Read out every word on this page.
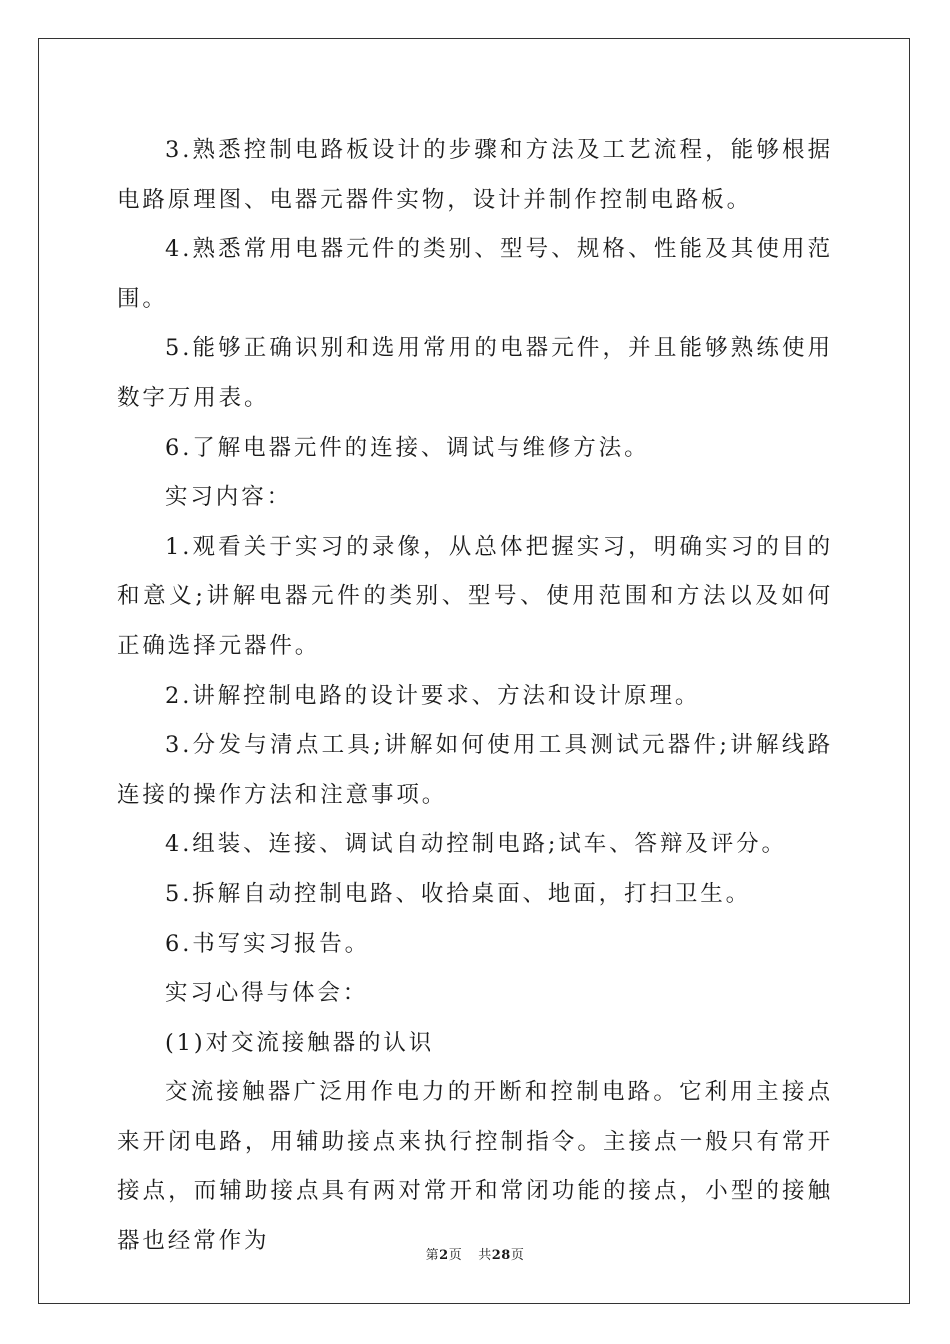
3.熟悉控制电路板设计的步骤和方法及工艺流程，能够根据电路原理图、电器元器件实物，设计并制作控制电路板。

4.熟悉常用电器元件的类别、型号、规格、性能及其使用范围。

5.能够正确识别和选用常用的电器元件，并且能够熟练使用数字万用表。

6.了解电器元件的连接、调试与维修方法。

实习内容：

1.观看关于实习的录像，从总体把握实习，明确实习的目的和意义;讲解电器元件的类别、型号、使用范围和方法以及如何正确选择元器件。

2.讲解控制电路的设计要求、方法和设计原理。

3.分发与清点工具;讲解如何使用工具测试元器件;讲解线路连接的操作方法和注意事项。

4.组装、连接、调试自动控制电路;试车、答辩及评分。

5.拆解自动控制电路、收拾桌面、地面，打扫卫生。

6.书写实习报告。

实习心得与体会：

(1)对交流接触器的认识

交流接触器广泛用作电力的开断和控制电路。它利用主接点来开闭电路，用辅助接点来执行控制指令。主接点一般只有常开接点，而辅助接点具有两对常开和常闭功能的接点，小型的接触器也经常作为

第2页 共28页
